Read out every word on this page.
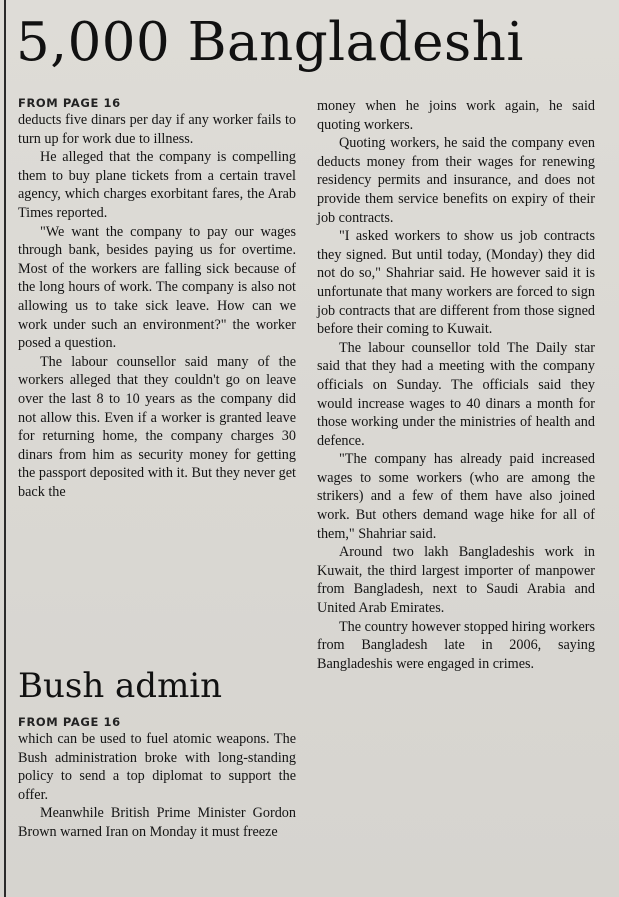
5,000 Bangladeshi
FROM PAGE 16

deducts five dinars per day if any worker fails to turn up for work due to illness.

He alleged that the company is compelling them to buy plane tickets from a certain travel agency, which charges exorbitant fares, the Arab Times reported.

"We want the company to pay our wages through bank, besides paying us for overtime. Most of the workers are falling sick because of the long hours of work. The company is also not allowing us to take sick leave. How can we work under such an environment?" the worker posed a question.

The labour counsellor said many of the workers alleged that they couldn't go on leave over the last 8 to 10 years as the company did not allow this. Even if a worker is granted leave for returning home, the company charges 30 dinars from him as security money for getting the passport deposited with it. But they never get back the

money when he joins work again, he said quoting workers.

Quoting workers, he said the company even deducts money from their wages for renewing residency permits and insurance, and does not provide them service benefits on expiry of their job contracts.

"I asked workers to show us job contracts they signed. But until today, (Monday) they did not do so," Shahriar said. He however said it is unfortunate that many workers are forced to sign job contracts that are different from those signed before their coming to Kuwait.

The labour counsellor told The Daily star said that they had a meeting with the company officials on Sunday. The officials said they would increase wages to 40 dinars a month for those working under the ministries of health and defence.

"The company has already paid increased wages to some workers (who are among the strikers) and a few of them have also joined work. But others demand wage hike for all of them," Shahriar said.

Around two lakh Bangladeshis work in Kuwait, the third largest importer of manpower from Bangladesh, next to Saudi Arabia and United Arab Emirates.

The country however stopped hiring workers from Bangladesh late in 2006, saying Bangladeshis were engaged in crimes.

Bush admin
FROM PAGE 16

which can be used to fuel atomic weapons. The Bush administration broke with long-standing policy to send a top diplomat to support the offer.

Meanwhile British Prime Minister Gordon Brown warned Iran on Monday it must freeze
